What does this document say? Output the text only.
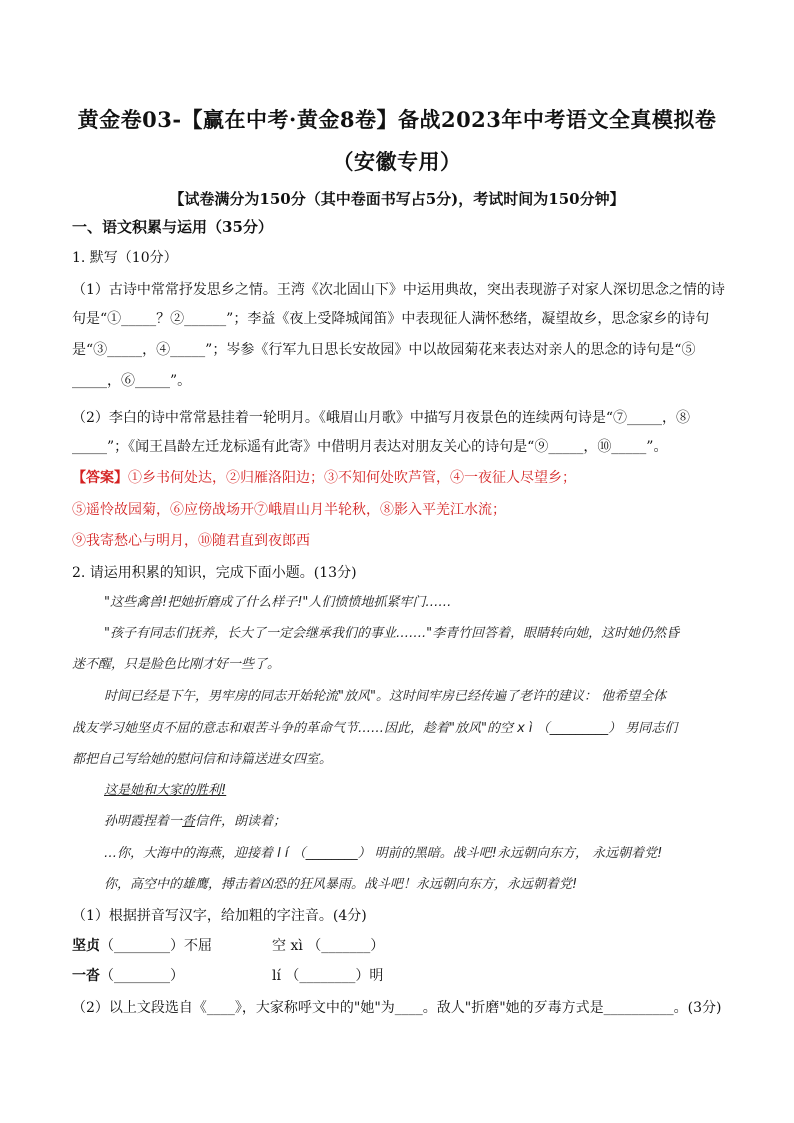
黄金卷03-【赢在中考·黄金8卷】备战2023年中考语文全真模拟卷
（安徽专用）
【试卷满分为150分（其中卷面书写占5分)，考试时间为150分钟】
一、语文积累与运用（35分）
1. 默写（10分）
（1）古诗中常常抒发思乡之情。王湾《次北固山下》中运用典故，突出表现游子对家人深切思念之情的诗
句是“①_____？②______”；李益《夜上受降城闻笛》中表现征人满怀愁绪，凝望故乡，思念家乡的诗句
是“③_____，④_____”；岑参《行军九日思长安故园》中以故园菊花来表达对亲人的思念的诗句是“⑤
_____，⑥_____”。
（2）李白的诗中常常悬挂着一轮明月。《峨眉山月歌》中描写月夜景色的连续两句诗是“⑦_____，⑧
_____”；《闻王昌龄左迁龙标遥有此寄》中借明月表达对朋友关心的诗句是“⑨_____，⑩_____”。
【答案】①乡书何处达，②归雁洛阳边；③不知何处吹芦管，④一夜征人尽望乡；
⑤遥怜故园菊，⑥应傍战场开⑦峨眉山月半轮秋，⑧影入平羌江水流；
⑨我寄愁心与明月，⑩随君直到夜郎西
2. 请运用积累的知识，完成下面小题。(13分)
"这些禽兽!把她折磨成了什么样子!"人们愤愤地抓紧牢门……
"孩子有同志们抚养，长大了一定会继承我们的事业……."李青竹回答着，眼睛转向她，这时她仍然昏
迷不醒，只是脸色比刚才好一些了。
时间已经是下午，男牢房的同志开始轮流"放风"。这时间牢房已经传遍了老许的建议： 他希望全体
战友学习她坚贞不屈的意志和艰苦斗争的革命气节……因此，趁着"放风"的空 x ì （_________） 男同志们
都把自己写给她的慰问信和诗篇送进女四室。
这是她和大家的胜利!
孙明霞捏着一沓信件，朗读着；
…你，大海中的海燕，迎接着 l í （________） 明前的黑暗。战斗吧!永远朝向东方， 永远朝着党!
你，高空中的雄鹰，搏击着凶恐的狂风暴雨。战斗吧！永远朝向东方，永远朝着党!
（1）根据拼音写汉字，给加粗的字注音。(4分)
坚贞（________）不屈	空 xì （_______）
一沓（________）	lí （________）明
（2）以上文段选自《____》，大家称呼文中的"她"为____。敌人"折磨"她的歹毒方式是__________。(3分)
